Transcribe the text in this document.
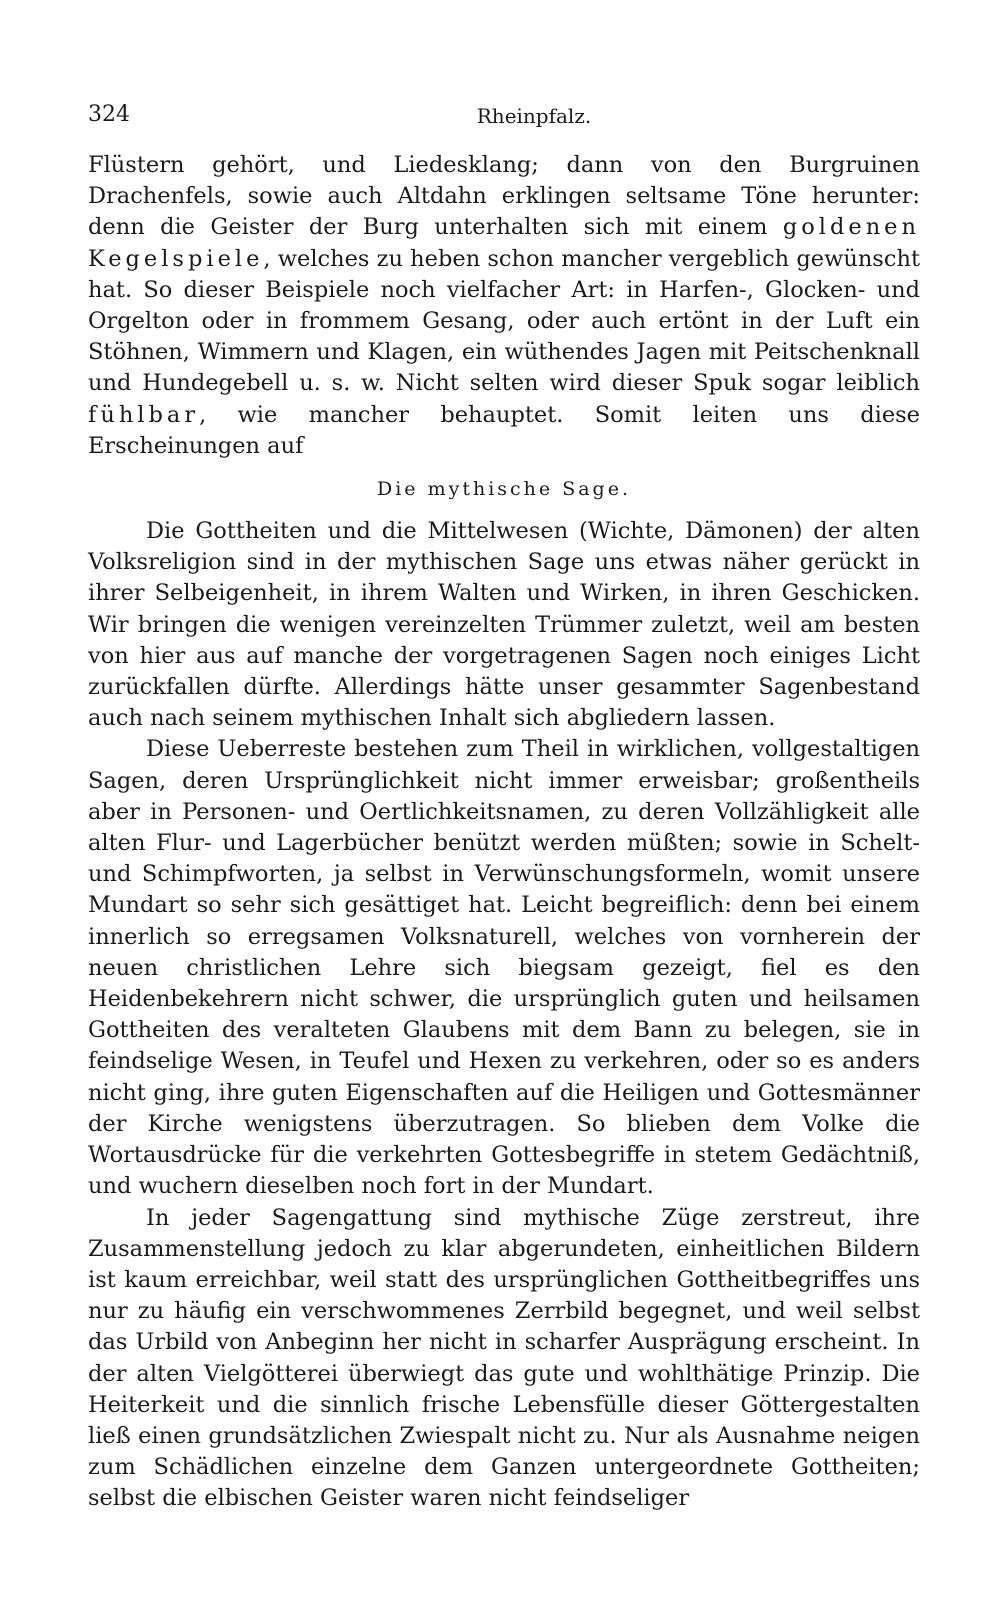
324	Rheinpfalz.

Flüstern gehört, und Liedesklang; dann von den Burgruinen Drachenfels, sowie auch Altdahn erklingen seltsame Töne herunter: denn die Geister der Burg unterhalten sich mit einem goldenen Kegelspiele, welches zu heben schon mancher vergeblich gewünscht hat. So dieser Beispiele noch vielfacher Art: in Harfen-, Glocken- und Orgelton oder in frommem Gesang, oder auch ertönt in der Luft ein Stöhnen, Wimmern und Klagen, ein wüthendes Jagen mit Peitschenknall und Hundegebell u. s. w. Nicht selten wird dieser Spuk sogar leiblich fühlbar, wie mancher behauptet. Somit leiten uns diese Erscheinungen auf

Die mythische Sage.

Die Gottheiten und die Mittelwesen (Wichte, Dämonen) der alten Volksreligion sind in der mythischen Sage uns etwas näher gerückt in ihrer Selbeigenheit, in ihrem Walten und Wirken, in ihren Geschicken. Wir bringen die wenigen vereinzelten Trümmer zuletzt, weil am besten von hier aus auf manche der vorgetragenen Sagen noch einiges Licht zurückfallen dürfte. Allerdings hätte unser gesammter Sagenbestand auch nach seinem mythischen Inhalt sich abgliedern lassen.

Diese Ueberreste bestehen zum Theil in wirklichen, vollgestaltigen Sagen, deren Ursprünglichkeit nicht immer erweisbar; großentheils aber in Personen- und Oertlichkeitsnamen, zu deren Vollzähligkeit alle alten Flur- und Lagerbücher benützt werden müßten; sowie in Schelt- und Schimpfworten, ja selbst in Verwünschungsformeln, womit unsere Mundart so sehr sich gesättiget hat. Leicht begreiflich: denn bei einem innerlich so erregsamen Volksnaturell, welches von vornherein der neuen christlichen Lehre sich biegsam gezeigt, fiel es den Heidenbekehrern nicht schwer, die ursprünglich guten und heilsamen Gottheiten des veralteten Glaubens mit dem Bann zu belegen, sie in feindselige Wesen, in Teufel und Hexen zu verkehren, oder so es anders nicht ging, ihre guten Eigenschaften auf die Heiligen und Gottesmänner der Kirche wenigstens überzutragen. So blieben dem Volke die Wortausdrücke für die verkehrten Gottesbegriffe in stetem Gedächtniß, und wuchern dieselben noch fort in der Mundart.

In jeder Sagengattung sind mythische Züge zerstreut, ihre Zusammenstellung jedoch zu klar abgerundeten, einheitlichen Bildern ist kaum erreichbar, weil statt des ursprünglichen Gottheitbegriffes uns nur zu häufig ein verschwommenes Zerrbild begegnet, und weil selbst das Urbild von Anbeginn her nicht in scharfer Ausprägung erscheint. In der alten Vielgötterei überwiegt das gute und wohlthätige Prinzip. Die Heiterkeit und die sinnlich frische Lebensfülle dieser Göttergestalten ließ einen grundsätzlichen Zwiespalt nicht zu. Nur als Ausnahme neigen zum Schädlichen einzelne dem Ganzen untergeordnete Gottheiten; selbst die elbischen Geister waren nicht feindseliger
